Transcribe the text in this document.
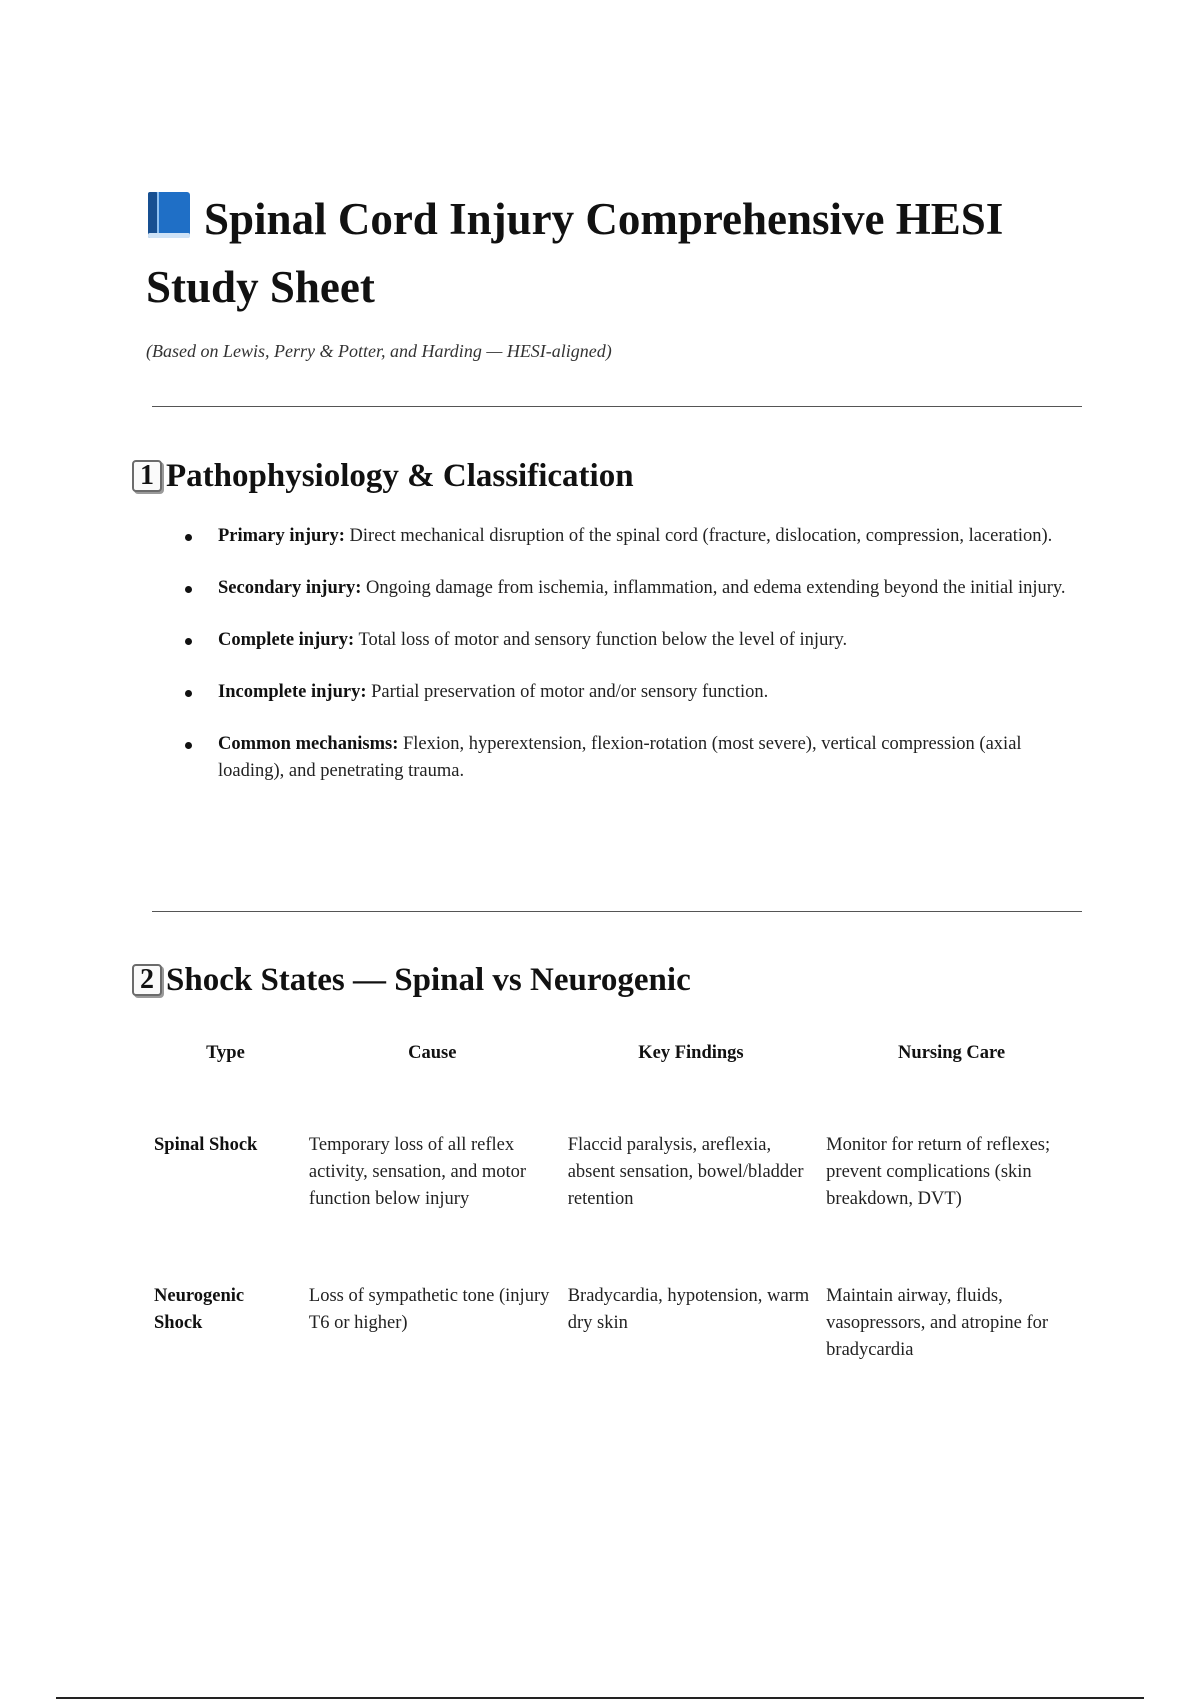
Spinal Cord Injury Comprehensive HESI Study Sheet

(Based on Lewis, Perry & Potter, and Harding — HESI-aligned)

1 Pathophysiology & Classification
Primary injury: Direct mechanical disruption of the spinal cord (fracture, dislocation, compression, laceration).
Secondary injury: Ongoing damage from ischemia, inflammation, and edema extending beyond the initial injury.
Complete injury: Total loss of motor and sensory function below the level of injury.
Incomplete injury: Partial preservation of motor and/or sensory function.
Common mechanisms: Flexion, hyperextension, flexion-rotation (most severe), vertical compression (axial loading), and penetrating trauma.
2 Shock States — Spinal vs Neurogenic
Type	Cause	Key Findings	Nursing Care
Spinal Shock	Temporary loss of all reflex activity, sensation, and motor function below injury	Flaccid paralysis, areflexia, absent sensation, bowel/bladder retention	Monitor for return of reflexes; prevent complications (skin breakdown, DVT)
Neurogenic Shock	Loss of sympathetic tone (injury T6 or higher)	Bradycardia, hypotension, warm dry skin	Maintain airway, fluids, vasopressors, and atropine for bradycardia
